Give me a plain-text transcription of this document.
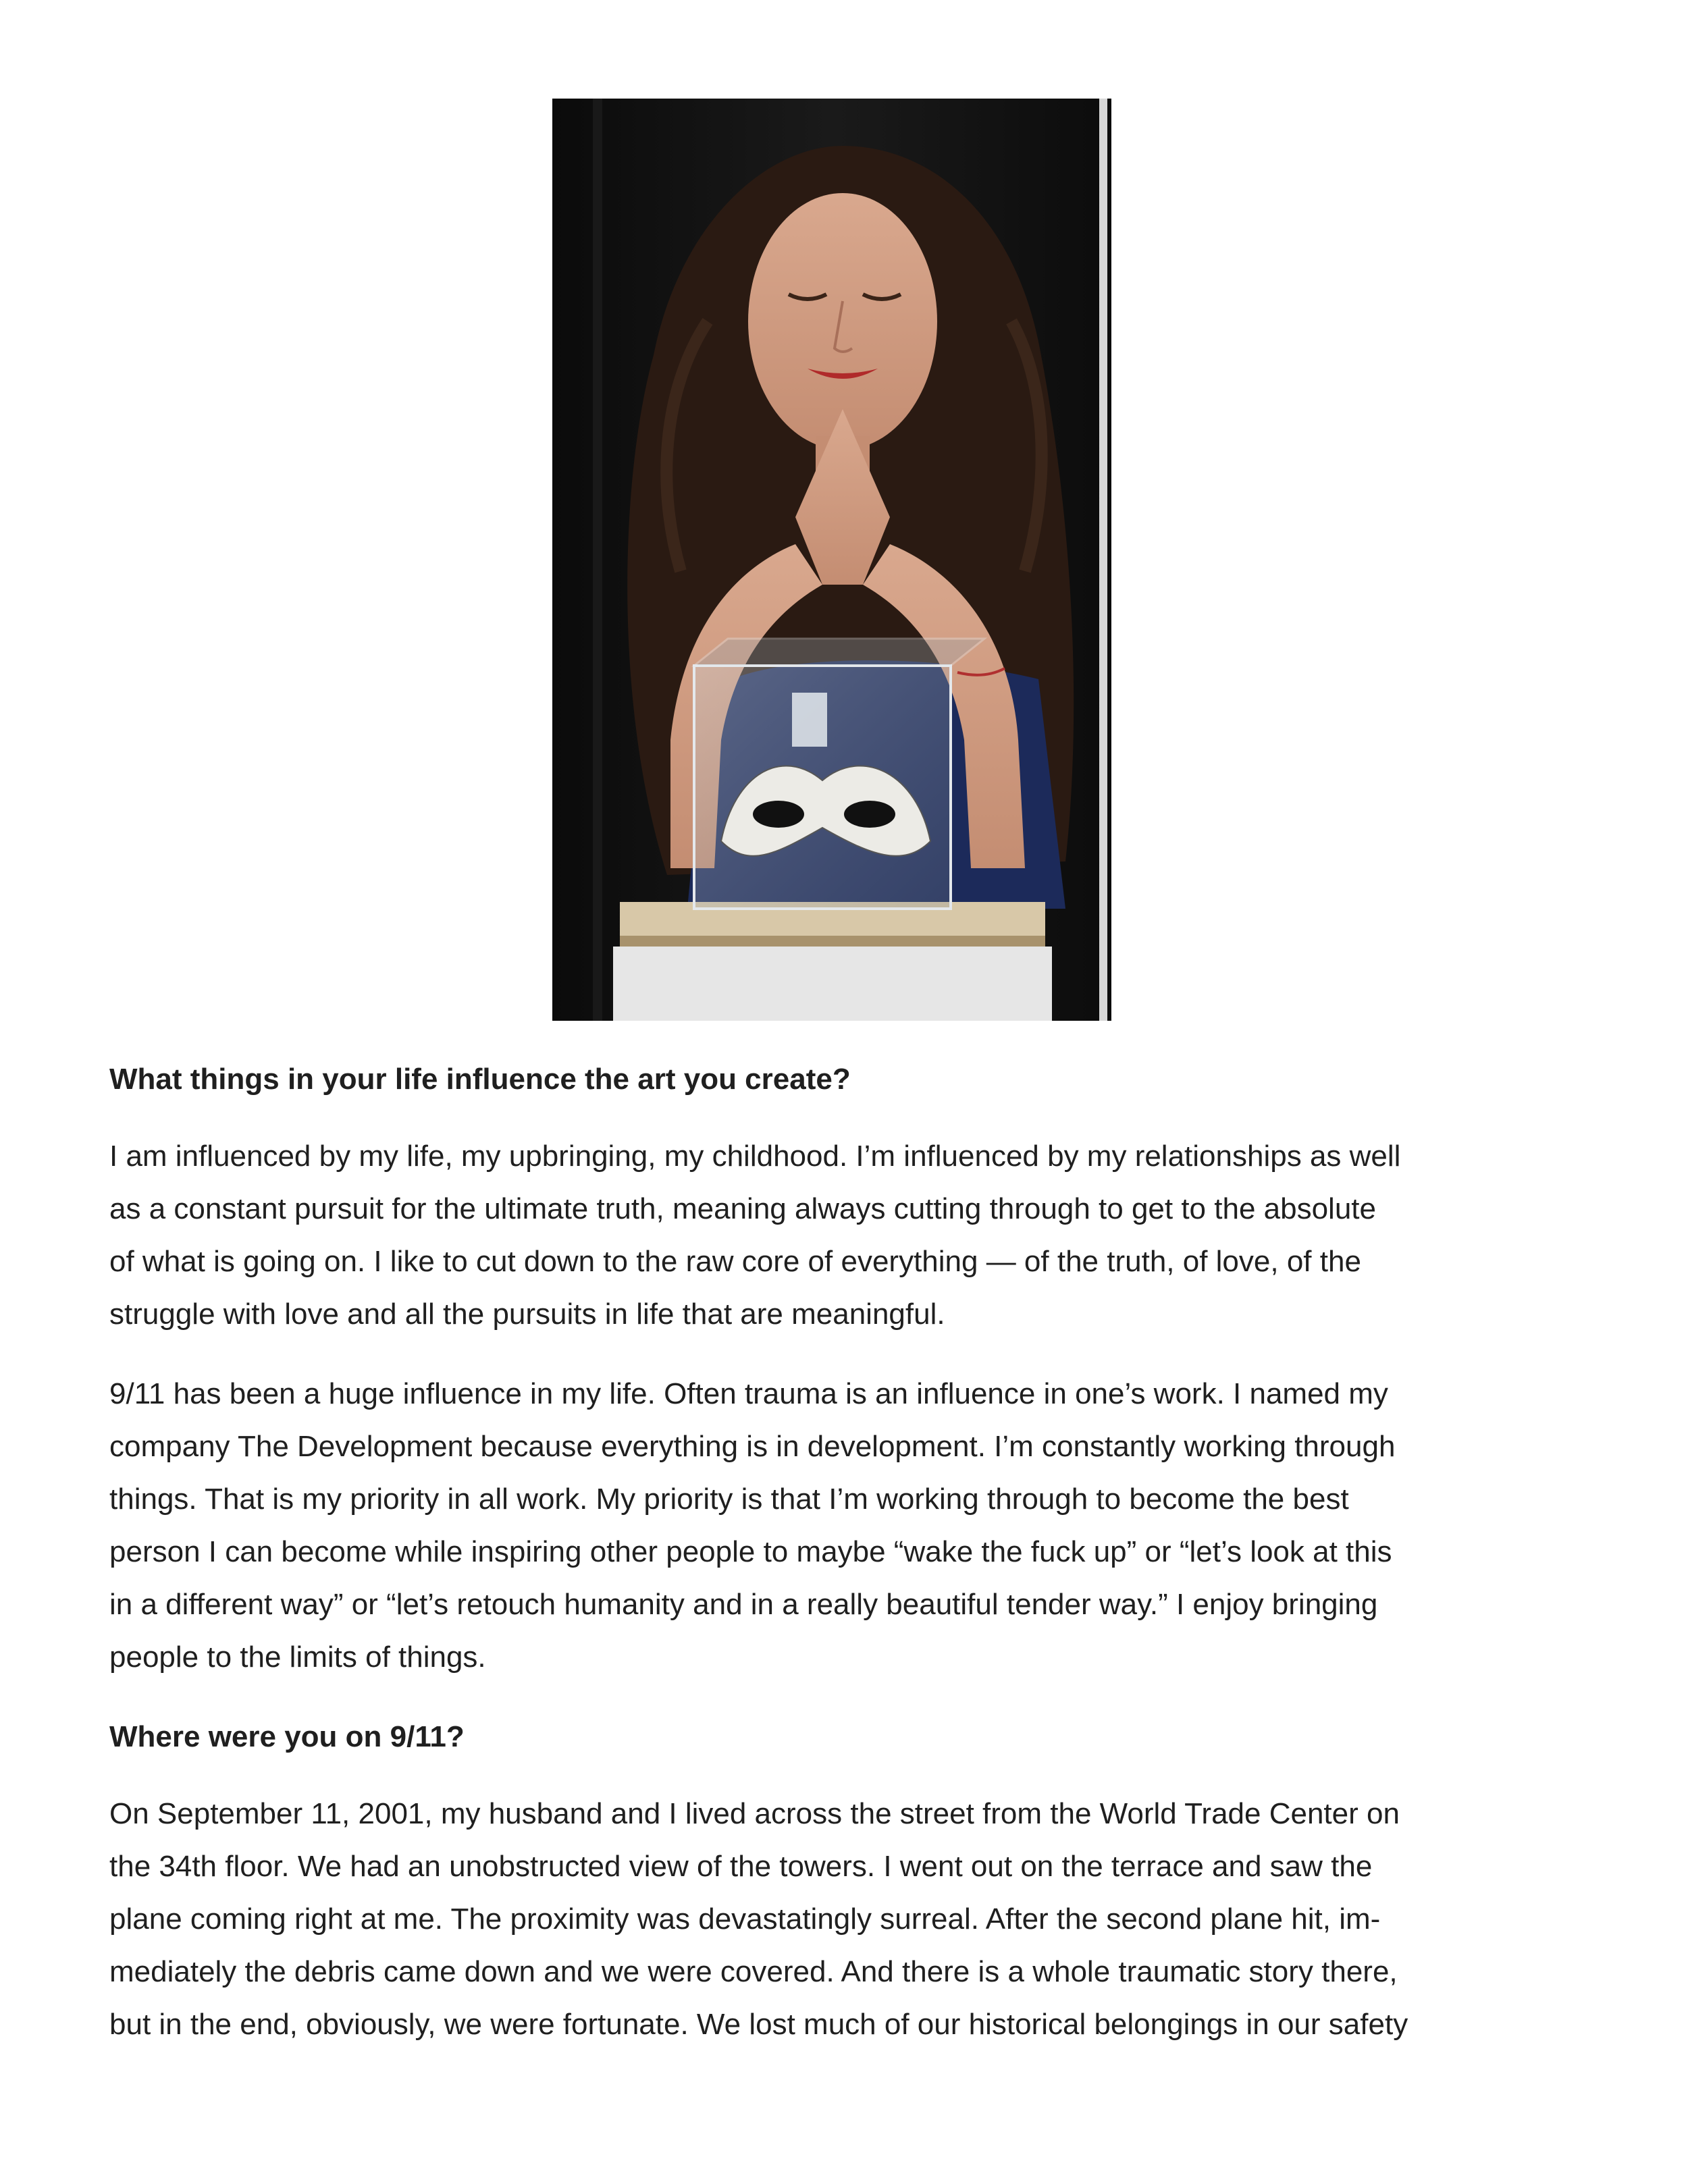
What things in your life influence the art you create?
I am influenced by my life, my upbringing, my childhood. I’m influenced by my relationships as well
as a constant pursuit for the ultimate truth, meaning always cutting through to get to the absolute
of what is going on. I like to cut down to the raw core of everything — of the truth, of love, of the
struggle with love and all the pursuits in life that are meaningful.
9/11 has been a huge influence in my life. Often trauma is an influence in one’s work. I named my
company The Development because everything is in development. I’m constantly working through
things. That is my priority in all work. My priority is that I’m working through to become the best
person I can become while inspiring other people to maybe “wake the fuck up” or “let’s look at this
in a different way” or “let’s retouch humanity and in a really beautiful tender way.” I enjoy bringing
people to the limits of things.
Where were you on 9/11?
On September 11, 2001, my husband and I lived across the street from the World Trade Center on
the 34th floor. We had an unobstructed view of the towers. I went out on the terrace and saw the
plane coming right at me. The proximity was devastatingly surreal. After the second plane hit, im-
mediately the debris came down and we were covered. And there is a whole traumatic story there,
but in the end, obviously, we were fortunate. We lost much of our historical belongings in our safety
